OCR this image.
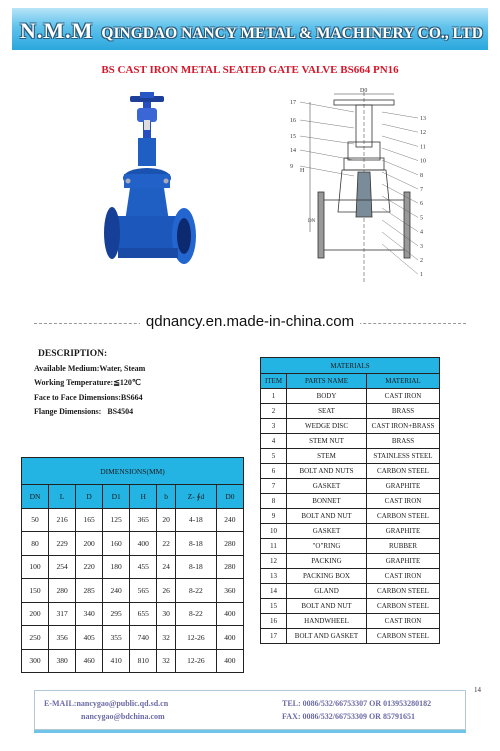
N.M.M QINGDAO NANCY METAL & MACHINERY CO., LTD
BS CAST IRON METAL SEATED GATE VALVE BS664 PN16
D0
H
DN
17
16
15
14
9
13
12
11
10
8
7
6
5
4
3
2
1
qdnancy.en.made-in-china.com
DESCRIPTION:
Available Medium:Water, Steam
Working Temperature:≦120℃
Face to Face Dimensions:BS664
Flange Dimensions: BS4504
DIMENSIONS(MM)							
DN	L	D	D1	H	b	Z- ∮d	D0
50	216	165	125	365	20	4-18	240
80	229	200	160	400	22	8-18	280
100	254	220	180	455	24	8-18	280
150	280	285	240	565	26	8-22	360
200	317	340	295	655	30	8-22	400
250	356	405	355	740	32	12-26	400
300	380	460	410	810	32	12-26	400
MATERIALS		
ITEM	PARTS NAME	MATERIAL
1	BODY	CAST IRON
2	SEAT	BRASS
3	WEDGE DISC	CAST IRON+BRASS
4	STEM NUT	BRASS
5	STEM	STAINLESS STEEL
6	BOLT AND NUTS	CARBON STEEL
7	GASKET	GRAPHITE
8	BONNET	CAST IRON
9	BOLT AND NUT	CARBON STEEL
10	GASKET	GRAPHITE
11	"O"RING	RUBBER
12	PACKING	GRAPHITE
13	PACKING BOX	CAST IRON
14	GLAND	CARBON STEEL
15	BOLT AND NUT	CARBON STEEL
16	HANDWHEEL	CAST IRON
17	BOLT AND GASKET	CARBON STEEL
E-MAIL:nancygao@public.qd.sd.cn
nancygao@bdchina.com
TEL: 0086/532/66753307 OR 013953280182
FAX: 0086/532/66753309 OR 85791651
14
